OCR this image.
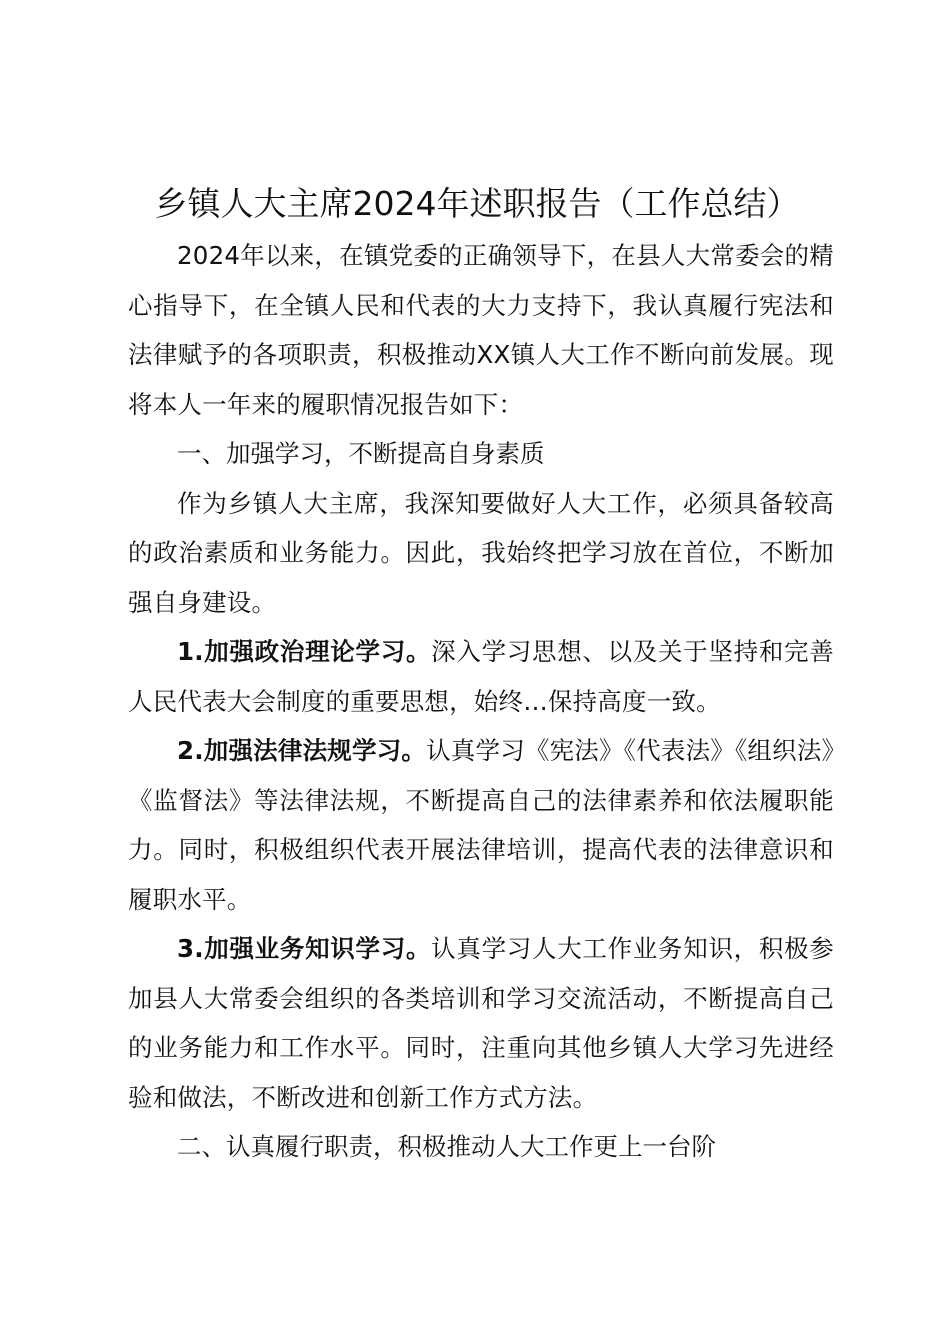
乡镇人大主席2024年述职报告（工作总结）

2024年以来，在镇党委的正确领导下，在县人大常委会的精心指导下，在全镇人民和代表的大力支持下，我认真履行宪法和法律赋予的各项职责，积极推动XX镇人大工作不断向前发展。现将本人一年来的履职情况报告如下：

一、加强学习，不断提高自身素质

作为乡镇人大主席，我深知要做好人大工作，必须具备较高的政治素质和业务能力。因此，我始终把学习放在首位，不断加强自身建设。

1.加强政治理论学习。深入学习思想、以及关于坚持和完善人民代表大会制度的重要思想，始终…保持高度一致。

2.加强法律法规学习。认真学习《宪法》《代表法》《组织法》《监督法》等法律法规，不断提高自己的法律素养和依法履职能力。同时，积极组织代表开展法律培训，提高代表的法律意识和履职水平。

3.加强业务知识学习。认真学习人大工作业务知识，积极参加县人大常委会组织的各类培训和学习交流活动，不断提高自己的业务能力和工作水平。同时，注重向其他乡镇人大学习先进经验和做法，不断改进和创新工作方式方法。

二、认真履行职责，积极推动人大工作更上一台阶
